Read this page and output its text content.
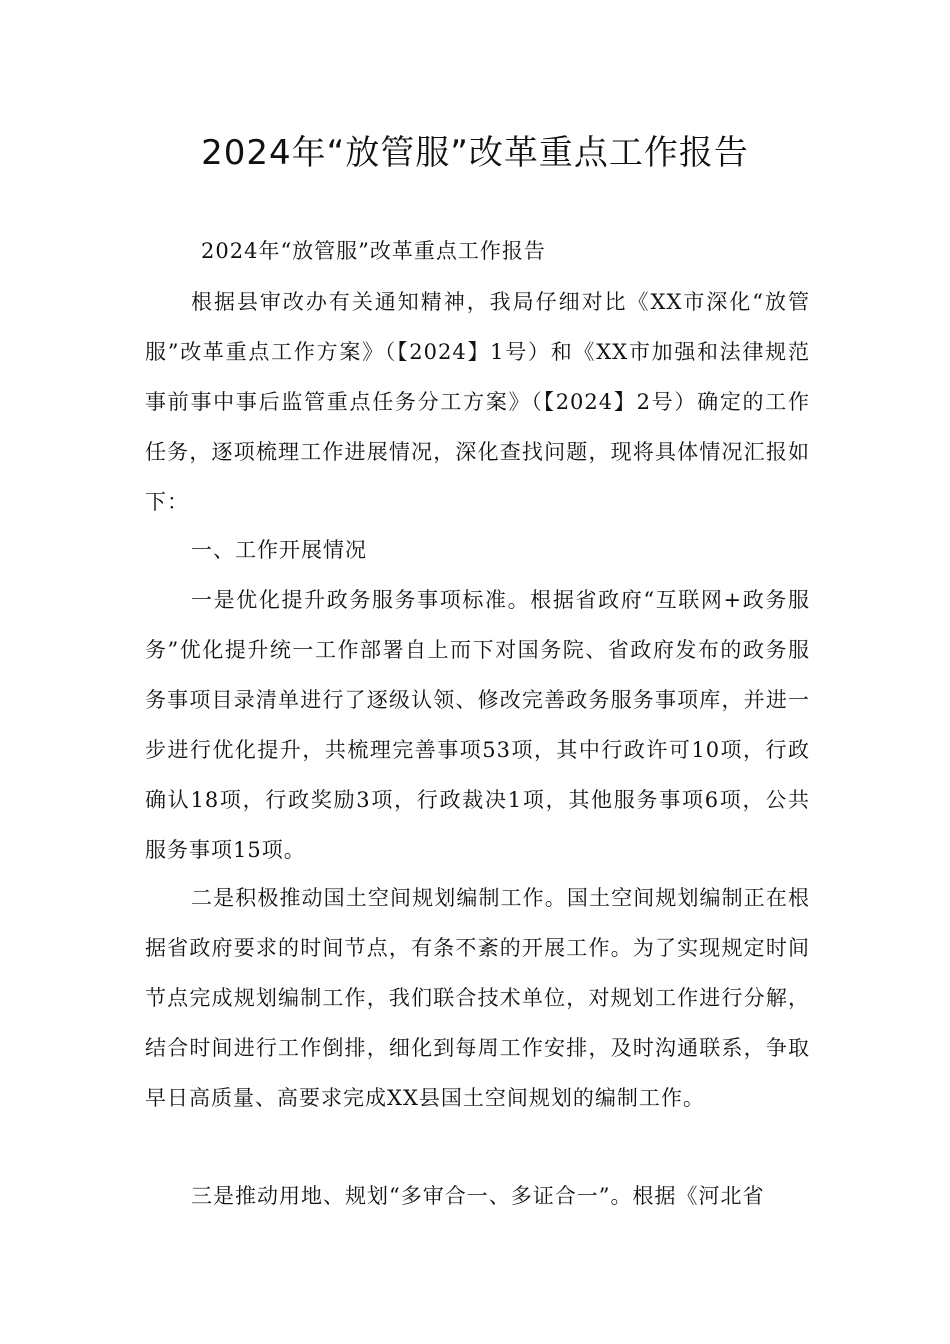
2024年“放管服”改革重点工作报告

2024年“放管服”改革重点工作报告

根据县审改办有关通知精神，我局仔细对比《XX市深化“放管服”改革重点工作方案》（【2024】1号）和《XX市加强和法律规范事前事中事后监管重点任务分工方案》（【2024】2号）确定的工作任务，逐项梳理工作进展情况，深化查找问题，现将具体情况汇报如下：

一、工作开展情况

一是优化提升政务服务事项标准。根据省政府“互联网+政务服务”优化提升统一工作部署自上而下对国务院、省政府发布的政务服务事项目录清单进行了逐级认领、修改完善政务服务事项库，并进一步进行优化提升，共梳理完善事项53项，其中行政许可10项，行政确认18项，行政奖励3项，行政裁决1项，其他服务事项6项，公共服务事项15项。

二是积极推动国土空间规划编制工作。国土空间规划编制正在根据省政府要求的时间节点，有条不紊的开展工作。为了实现规定时间节点完成规划编制工作，我们联合技术单位，对规划工作进行分解，结合时间进行工作倒排，细化到每周工作安排，及时沟通联系，争取早日高质量、高要求完成XX县国土空间规划的编制工作。

三是推动用地、规划“多审合一、多证合一”。根据《河北省
